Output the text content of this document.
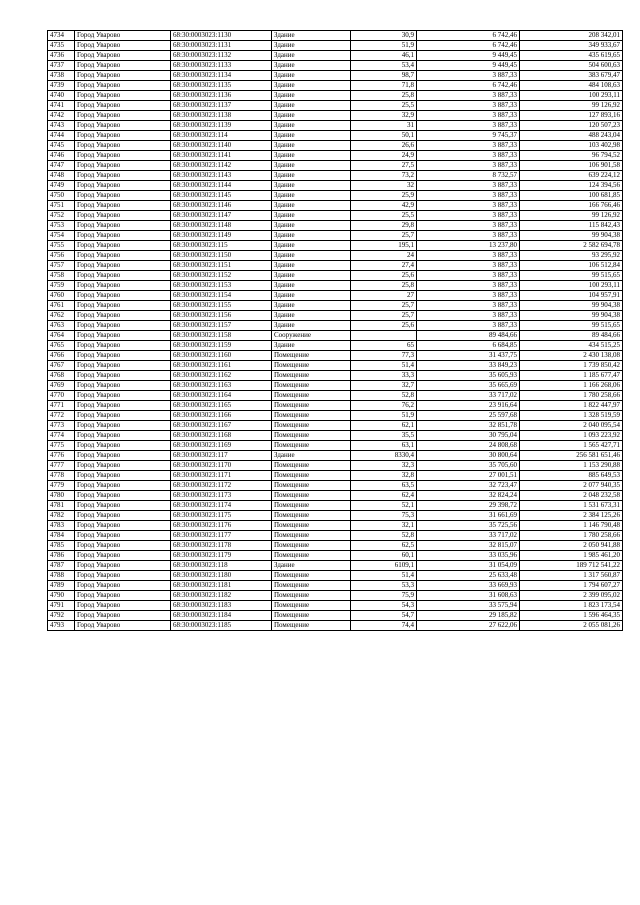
4734	Город Уварово	68:30:0003023:1130	Здание	30,9	6 742,46	208 342,01
4735	Город Уварово	68:30:0003023:1131	Здание	51,9	6 742,46	349 933,67
4736	Город Уварово	68:30:0003023:1132	Здание	46,1	9 449,45	435 619,65
4737	Город Уварово	68:30:0003023:1133	Здание	53,4	9 449,45	504 600,63
4738	Город Уварово	68:30:0003023:1134	Здание	98,7	3 887,33	383 679,47
4739	Город Уварово	68:30:0003023:1135	Здание	71,8	6 742,46	484 108,63
4740	Город Уварово	68:30:0003023:1136	Здание	25,8	3 887,33	100 293,11
4741	Город Уварово	68:30:0003023:1137	Здание	25,5	3 887,33	99 126,92
4742	Город Уварово	68:30:0003023:1138	Здание	32,9	3 887,33	127 893,16
4743	Город Уварово	68:30:0003023:1139	Здание	31	3 887,33	120 507,23
4744	Город Уварово	68:30:0003023:114	Здание	50,1	9 745,37	488 243,04
4745	Город Уварово	68:30:0003023:1140	Здание	26,6	3 887,33	103 402,98
4746	Город Уварово	68:30:0003023:1141	Здание	24,9	3 887,33	96 794,52
4747	Город Уварово	68:30:0003023:1142	Здание	27,5	3 887,33	106 901,58
4748	Город Уварово	68:30:0003023:1143	Здание	73,2	8 732,57	639 224,12
4749	Город Уварово	68:30:0003023:1144	Здание	32	3 887,33	124 394,56
4750	Город Уварово	68:30:0003023:1145	Здание	25,9	3 887,33	100 681,85
4751	Город Уварово	68:30:0003023:1146	Здание	42,9	3 887,33	166 766,46
4752	Город Уварово	68:30:0003023:1147	Здание	25,5	3 887,33	99 126,92
4753	Город Уварово	68:30:0003023:1148	Здание	29,8	3 887,33	115 842,43
4754	Город Уварово	68:30:0003023:1149	Здание	25,7	3 887,33	99 904,38
4755	Город Уварово	68:30:0003023:115	Здание	195,1	13 237,80	2 582 694,78
4756	Город Уварово	68:30:0003023:1150	Здание	24	3 887,33	93 295,92
4757	Город Уварово	68:30:0003023:1151	Здание	27,4	3 887,33	106 512,84
4758	Город Уварово	68:30:0003023:1152	Здание	25,6	3 887,33	99 515,65
4759	Город Уварово	68:30:0003023:1153	Здание	25,8	3 887,33	100 293,11
4760	Город Уварово	68:30:0003023:1154	Здание	27	3 887,33	104 957,91
4761	Город Уварово	68:30:0003023:1155	Здание	25,7	3 887,33	99 904,38
4762	Город Уварово	68:30:0003023:1156	Здание	25,7	3 887,33	99 904,38
4763	Город Уварово	68:30:0003023:1157	Здание	25,6	3 887,33	99 515,65
4764	Город Уварово	68:30:0003023:1158	Сооружение		89 484,66	89 484,66
4765	Город Уварово	68:30:0003023:1159	Здание	65	6 684,85	434 515,25
4766	Город Уварово	68:30:0003023:1160	Помещение	77,3	31 437,75	2 430 138,08
4767	Город Уварово	68:30:0003023:1161	Помещение	51,4	33 849,23	1 739 850,42
4768	Город Уварово	68:30:0003023:1162	Помещение	33,3	35 605,93	1 185 677,47
4769	Город Уварово	68:30:0003023:1163	Помещение	32,7	35 665,69	1 166 268,06
4770	Город Уварово	68:30:0003023:1164	Помещение	52,8	33 717,02	1 780 258,66
4771	Город Уварово	68:30:0003023:1165	Помещение	76,2	23 916,64	1 822 447,97
4772	Город Уварово	68:30:0003023:1166	Помещение	51,9	25 597,68	1 328 519,59
4773	Город Уварово	68:30:0003023:1167	Помещение	62,1	32 851,78	2 040 095,54
4774	Город Уварово	68:30:0003023:1168	Помещение	35,5	30 795,04	1 093 223,92
4775	Город Уварово	68:30:0003023:1169	Помещение	63,1	24 808,68	1 565 427,71
4776	Город Уварово	68:30:0003023:117	Здание	8330,4	30 800,64	256 581 651,46
4777	Город Уварово	68:30:0003023:1170	Помещение	32,3	35 705,60	1 153 290,88
4778	Город Уварово	68:30:0003023:1171	Помещение	32,8	27 001,51	885 649,53
4779	Город Уварово	68:30:0003023:1172	Помещение	63,5	32 723,47	2 077 940,35
4780	Город Уварово	68:30:0003023:1173	Помещение	62,4	32 824,24	2 048 232,58
4781	Город Уварово	68:30:0003023:1174	Помещение	52,1	29 398,72	1 531 673,31
4782	Город Уварово	68:30:0003023:1175	Помещение	75,3	31 661,69	2 384 125,26
4783	Город Уварово	68:30:0003023:1176	Помещение	32,1	35 725,56	1 146 790,48
4784	Город Уварово	68:30:0003023:1177	Помещение	52,8	33 717,02	1 780 258,66
4785	Город Уварово	68:30:0003023:1178	Помещение	62,5	32 815,07	2 050 941,88
4786	Город Уварово	68:30:0003023:1179	Помещение	60,1	33 035,96	1 985 461,20
4787	Город Уварово	68:30:0003023:118	Здание	6109,1	31 054,09	189 712 541,22
4788	Город Уварово	68:30:0003023:1180	Помещение	51,4	25 633,48	1 317 560,87
4789	Город Уварово	68:30:0003023:1181	Помещение	53,3	33 669,93	1 794 607,27
4790	Город Уварово	68:30:0003023:1182	Помещение	75,9	31 608,63	2 399 095,02
4791	Город Уварово	68:30:0003023:1183	Помещение	54,3	33 575,94	1 823 173,54
4792	Город Уварово	68:30:0003023:1184	Помещение	54,7	29 185,82	1 596 464,35
4793	Город Уварово	68:30:0003023:1185	Помещение	74,4	27 622,06	2 055 081,26
